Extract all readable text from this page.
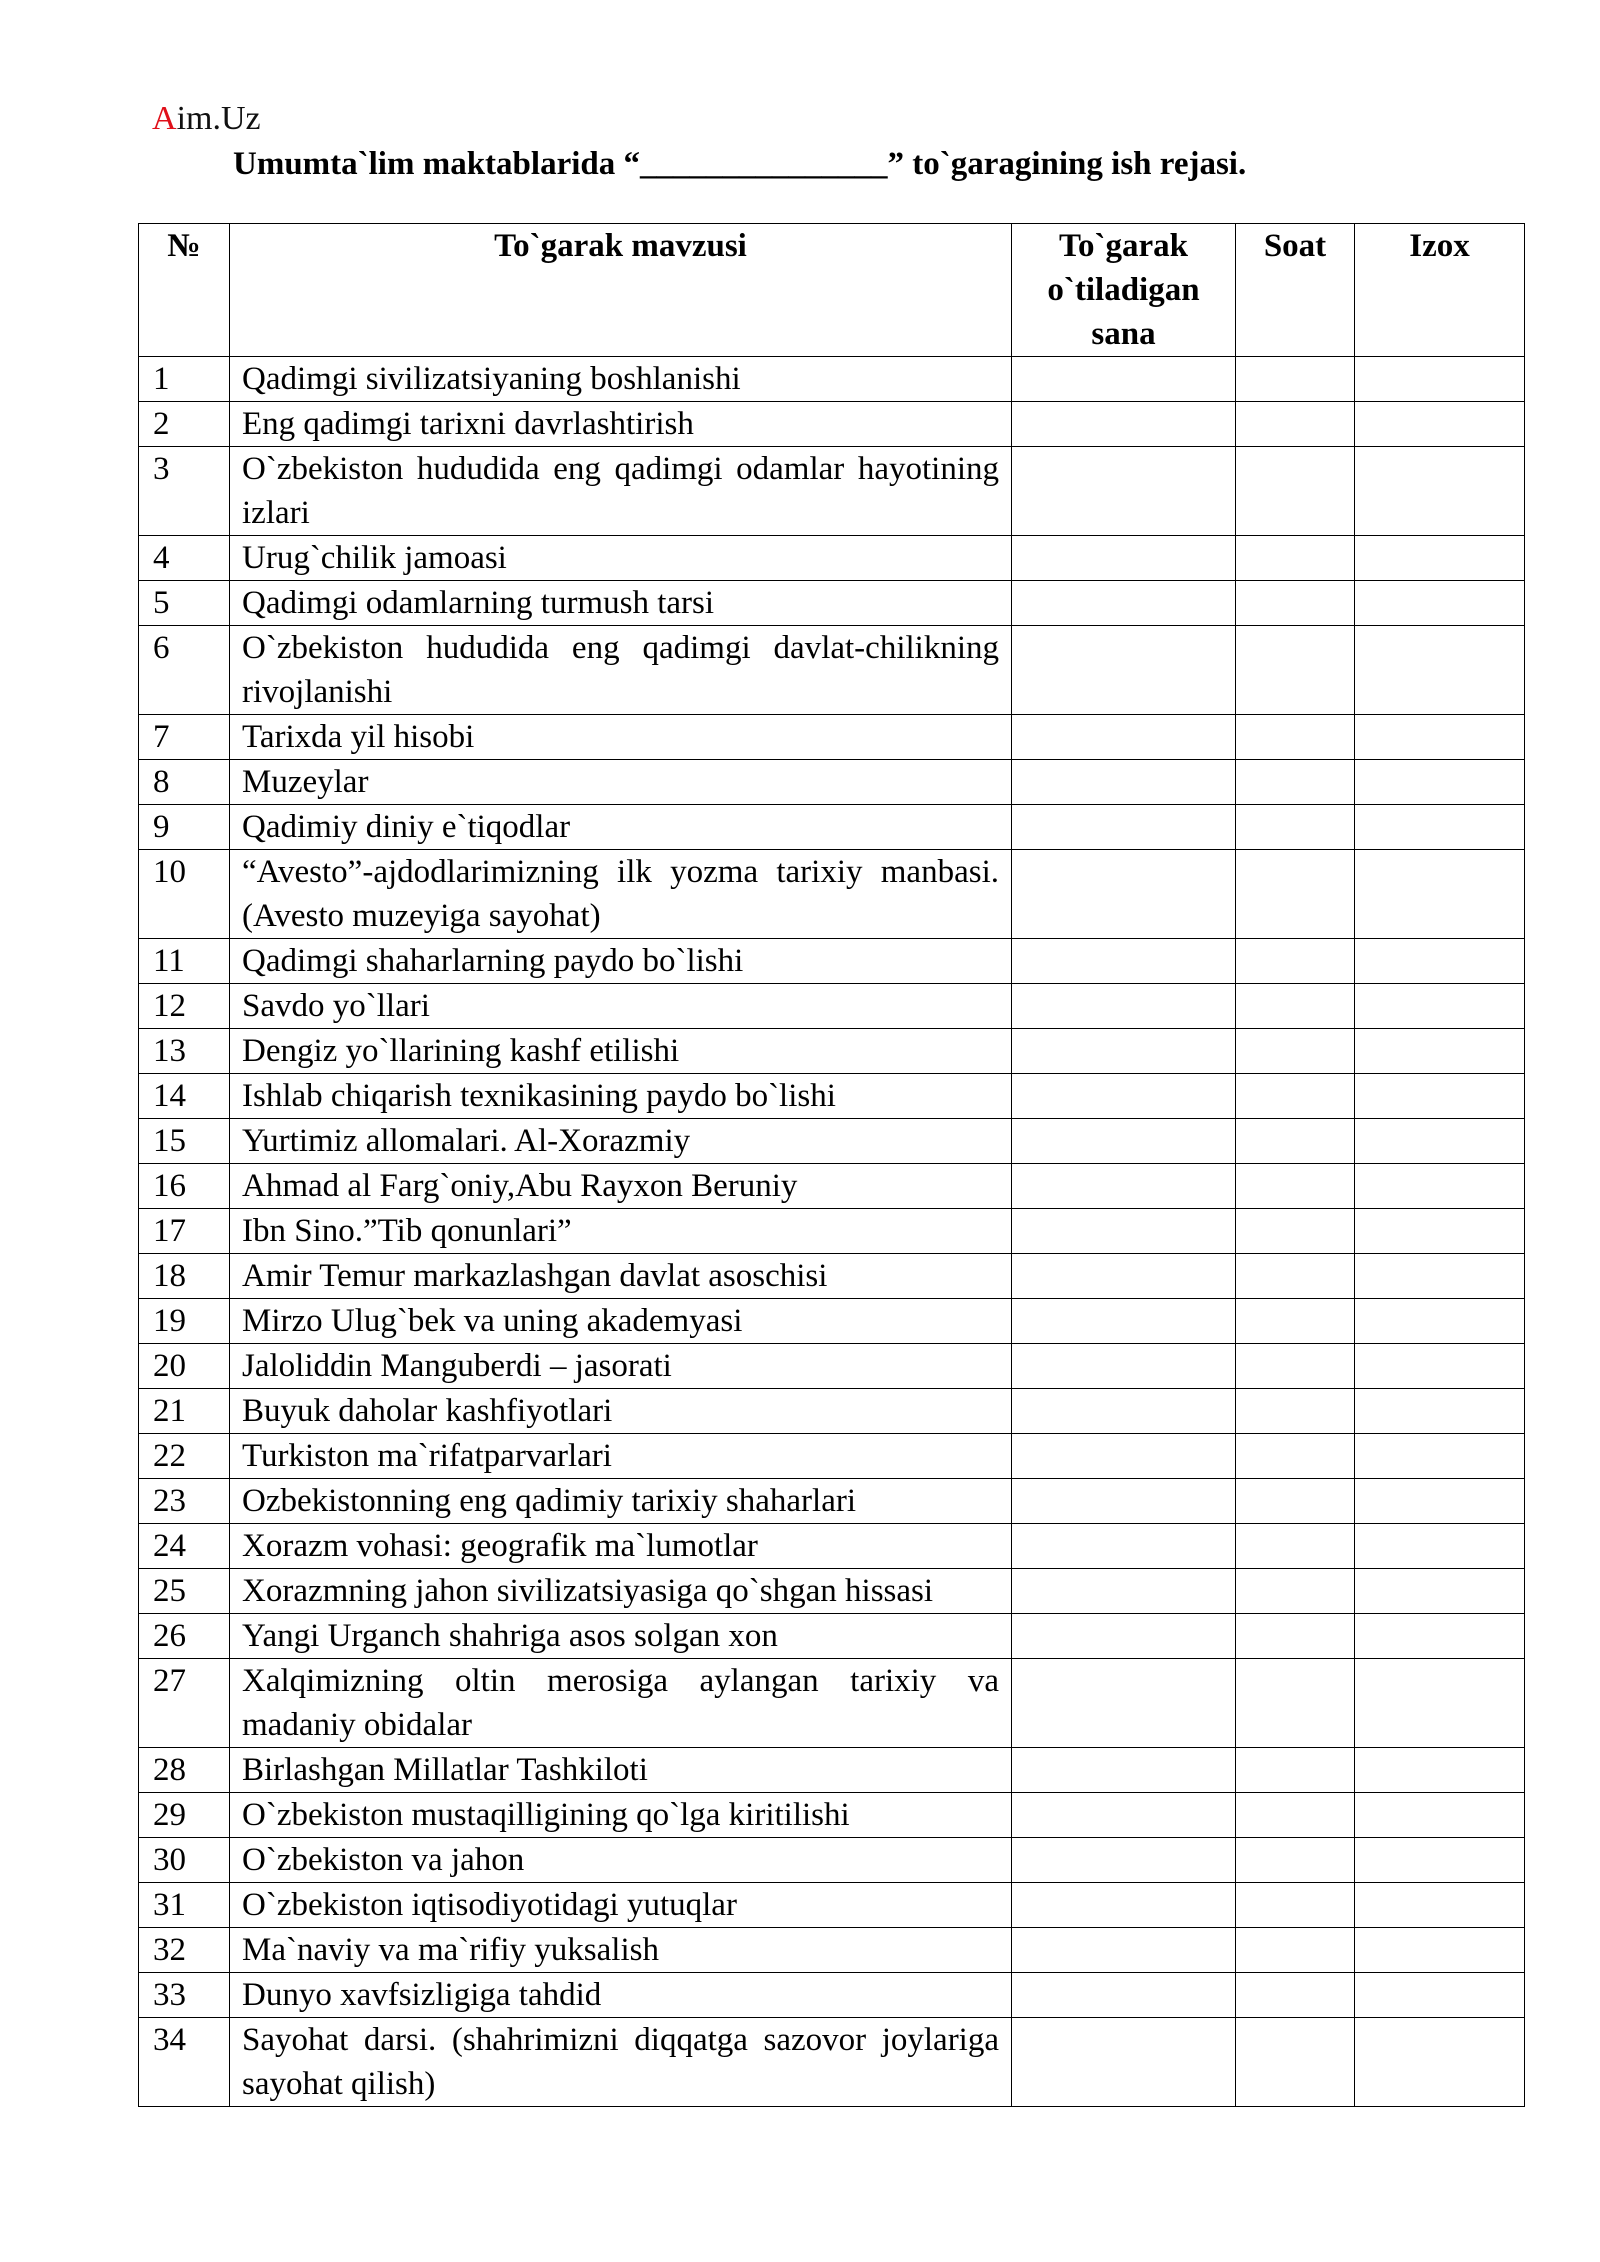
Aim.Uz
Umumta`lim maktablarida “_______________” to`garagining ish rejasi.
№	To`garak mavzusi	To`garak o`tiladigan sana	Soat	Izox
1	Qadimgi sivilizatsiyaning boshlanishi			
2	Eng qadimgi tarixni davrlashtirish			
3	O`zbekiston hududida eng qadimgi odamlar hayotining izlari			
4	Urug`chilik jamoasi			
5	Qadimgi odamlarning turmush tarsi			
6	O`zbekiston hududida eng qadimgi davlat-chilikning rivojlanishi			
7	Tarixda yil hisobi			
8	Muzeylar			
9	Qadimiy diniy e`tiqodlar			
10	“Avesto”-ajdodlarimizning ilk yozma tarixiy manbasi.(Avesto muzeyiga sayohat)			
11	Qadimgi shaharlarning paydo bo`lishi			
12	Savdo yo`llari			
13	Dengiz yo`llarining kashf etilishi			
14	Ishlab chiqarish texnikasining paydo bo`lishi			
15	Yurtimiz allomalari. Al-Xorazmiy			
16	Ahmad al Farg`oniy,Abu Rayxon Beruniy			
17	Ibn Sino.”Tib qonunlari”			
18	Amir Temur markazlashgan davlat asoschisi			
19	Mirzo Ulug`bek va uning akademyasi			
20	Jaloliddin Manguberdi – jasorati			
21	Buyuk daholar kashfiyotlari			
22	Turkiston ma`rifatparvarlari			
23	Ozbekistonning eng qadimiy tarixiy shaharlari			
24	Xorazm vohasi: geografik ma`lumotlar			
25	Xorazmning jahon sivilizatsiyasiga qo`shgan hissasi			
26	Yangi Urganch shahriga asos solgan xon			
27	Xalqimizning oltin merosiga aylangan tarixiy va madaniy obidalar			
28	Birlashgan Millatlar Tashkiloti			
29	O`zbekiston mustaqilligining qo`lga kiritilishi			
30	O`zbekiston va jahon			
31	O`zbekiston iqtisodiyotidagi yutuqlar			
32	Ma`naviy va ma`rifiy yuksalish			
33	Dunyo xavfsizligiga tahdid			
34	Sayohat darsi. (shahrimizni diqqatga sazovor joylariga sayohat qilish)			
